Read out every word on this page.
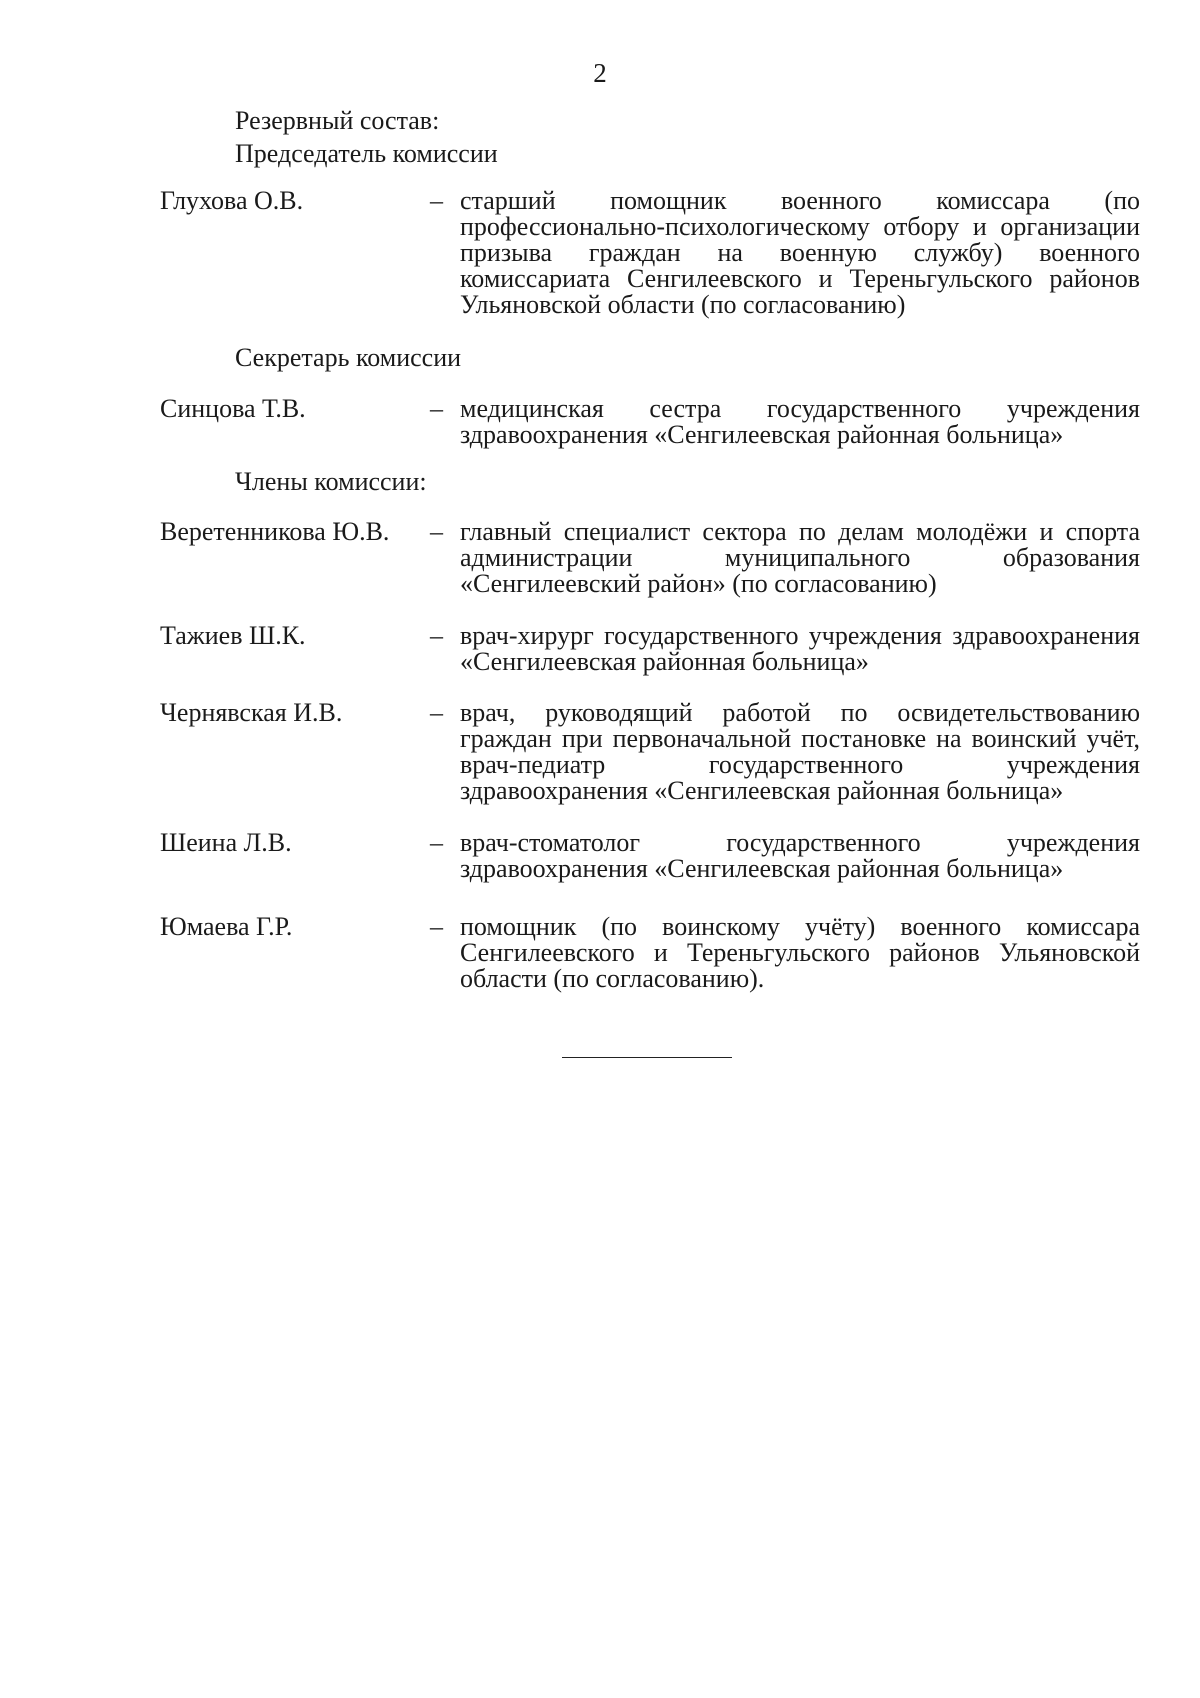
2
Резервный состав:
Председатель комиссии
Глухова О.В.	– старший помощник военного комиссара (по профессионально-психологическому отбору и организации призыва граждан на военную службу) военного комиссариата Сенгилеевского и Тереньгульского районов Ульяновской области (по согласованию)
Секретарь комиссии
Синцова Т.В.	– медицинская сестра государственного учреждения здравоохранения «Сенгилеевская районная больница»
Члены комиссии:
Веретенникова Ю.В. – главный специалист сектора по делам молодёжи и спорта администрации муниципального образования «Сенгилеевский район» (по согласованию)
Тажиев Ш.К.	– врач-хирург государственного учреждения здравоохранения «Сенгилеевская районная больница»
Чернявская И.В.	– врач, руководящий работой по освидетельствованию граждан при первоначальной постановке на воинский учёт, врач-педиатр государственного учреждения здравоохранения «Сенгилеевская районная больница»
Шеина Л.В.	– врач-стоматолог государственного учреждения здравоохранения «Сенгилеевская районная больница»
Юмаева Г.Р.	– помощник (по воинскому учёту) военного комиссара Сенгилеевского и Тереньгульского районов Ульяновской области (по согласованию).
